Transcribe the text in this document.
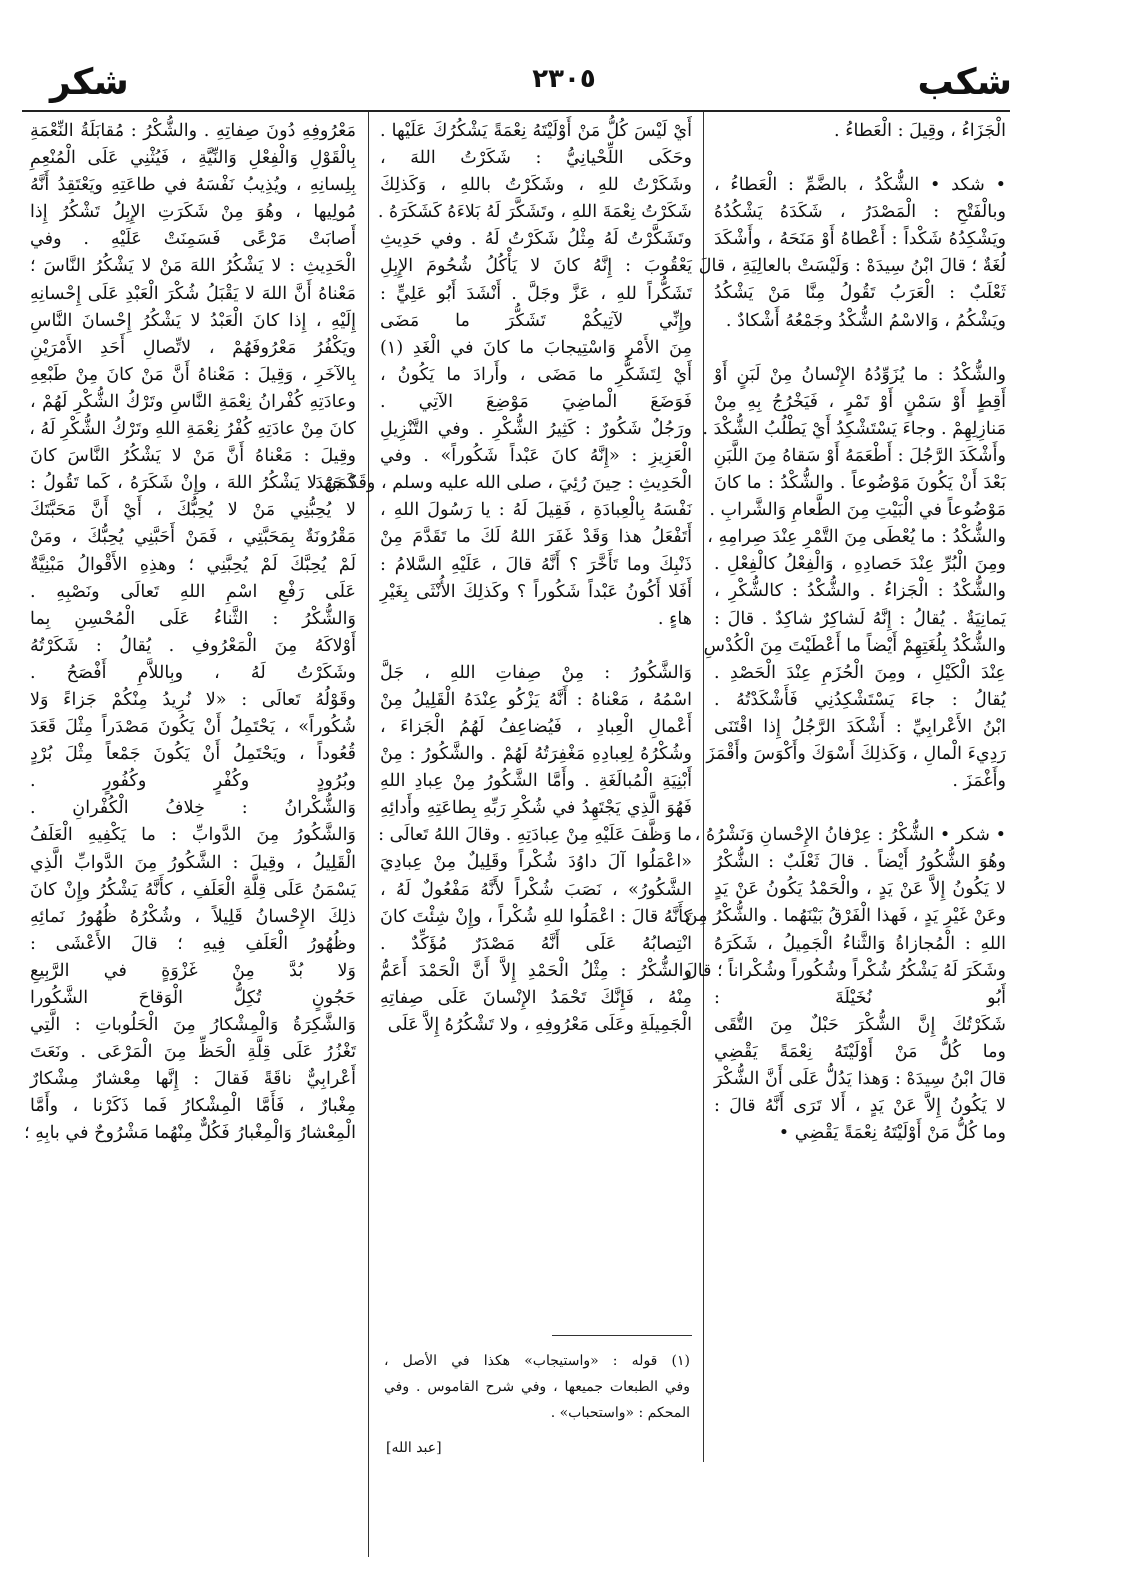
شكب
٢٣٠٥
شكر
الْجَزَاءُ ، وقِيلَ : الْعَطاءُ .
• شكد • الشُّكْدُ ، بالضَّمِّ : الْعَطاءُ ،
وبالْفَتْحِ : الْمَصْدَرُ ، شَكَدَهُ يَشْكُدُهُ
ويَشْكِدُهُ شَكْداً : أَعْطاهُ أَوْ مَنَحَهُ ، وأَشْكَدَ
لُغَةٌ ؛ قالَ ابْنُ سِيدَهْ : وَلَيْسَتْ بالعالِيَةِ ، قالَ
ثَعْلَبٌ : الْعَرَبُ تَقُولُ مِنَّا مَنْ يَشْكُدُ
ويَشْكُمُ ، وَالاسْمُ الشُّكْدُ وجَمْعُهُ أَشْكادٌ .
والشُّكْدُ : ما يُزَوِّدُهُ الإِنْسانُ مِنْ لَبَنٍ أَوْ
أَقِطٍ أَوْ سَمْنٍ أَوْ تَمْرٍ ، فَيَخْرُجُ بِهِ مِنْ
مَنازِلِهِمْ . وجاءَ يَسْتَشْكِدُ أَيْ يَطْلُبُ الشُّكْدَ .
وأَشْكَدَ الرَّجُلَ : أَطْعَمَهُ أَوْ سَقاهُ مِنَ اللَّبَنِ
بَعْدَ أَنْ يَكُونَ مَوْضُوعاً . والشُّكْدُ : ما كانَ
مَوْضُوعاً في الْبَيْتِ مِنَ الطَّعامِ وَالشَّرابِ .
والشُّكْدُ : ما يُعْطَى مِنَ التَّمْرِ عِنْدَ صِرامِهِ ،
ومِنَ الْبُرِّ عِنْدَ حَصادِهِ ، وَالْفِعْلُ كالْفِعْلِ .
والشُّكْدُ : الْجَزاءُ . والشُّكْدُ : كالشُّكْرِ ،
يَمانِيَةٌ . يُقالُ : إِنَّهُ لَشاكِرٌ شاكِدٌ . قالَ :
والشُّكْدُ بِلُغَتِهِمْ أَيْضاً ما أَعْطَيْتَ مِنَ الْكُدْسِ
عِنْدَ الْكَيْلِ ، ومِنَ الْحُزَمِ عِنْدَ الْحَصْدِ .
يُقالُ : جاءَ يَسْتَشْكِدُنِي فَأَشْكَدْتُهُ .
ابْنُ الأَعْرابِيِّ : أَشْكَدَ الرَّجُلُ إِذا اقْتَنَى
رَدِيءَ الْمالِ ، وَكَذلِكَ أَسْوَكَ وأَكْوَسَ وأَقْمَزَ
وأَغْمَزَ .
• شكر • الشُّكْرُ : عِرْفانُ الإِحْسانِ وَنَشْرُهُ ،
وهُوَ الشُّكُورُ أَيْضاً . قالَ ثَعْلَبٌ : الشُّكْرُ
لا يَكُونُ إِلاَّ عَنْ يَدٍ ، والْحَمْدُ يَكُونُ عَنْ يَدٍ
وعَنْ غَيْرِ يَدٍ ، فَهذا الْفَرْقُ بَيْنَهُما . والشُّكْرُ مِنَ
اللهِ : الْمُجازاةُ وَالثَّناءُ الْجَمِيلُ ، شَكَرَهُ
وشَكَرَ لَهُ يَشْكُرُ شُكْراً وشُكُوراً وشُكْراناً ؛ قالَ
أَبُو نُخَيْلَةَ :
شَكَرْتُكَ إِنَّ الشُّكْرَ حَبْلٌ مِنَ التُّقَى
وما كُلُّ مَنْ أَوْلَيْتَهُ نِعْمَةً يَقْضِي
قالَ ابْنُ سِيدَهْ : وَهذا يَدُلُّ عَلَى أَنَّ الشُّكْرَ
لا يَكُونُ إِلاَّ عَنْ يَدٍ ، أَلا تَرَى أَنَّهُ قالَ :
وما كُلُّ مَنْ أَوْلَيْتَهُ نِعْمَةً يَقْضِي •
أَيْ لَيْسَ كُلُّ مَنْ أَوْلَيْتَهُ نِعْمَةً يَشْكُرُكَ عَلَيْها .
وحَكَى اللِّحْيانِيُّ : شَكَرْتُ اللهَ ،
وشَكَرْتُ للهِ ، وشَكَرْتُ باللهِ ، وَكَذلِكَ
شَكَرْتُ نِعْمَةَ اللهِ ، وتَشَكَّرَ لَهُ بَلاءَهُ كَشَكَرَهُ .
وتَشَكَّرْتُ لَهُ مِثْلُ شَكَرْتُ لَهُ . وفي حَدِيثِ
يَعْقُوبَ : إِنَّهُ كانَ لا يَأْكُلُ شُحُومَ الإِبِلِ
تَشَكُّراً للهِ ، عَزَّ وجَلَّ . أَنْشَدَ أَبُو عَلِيٍّ :
وإِنِّي لآتِيكُمْ تَشَكُّرَ ما مَضَى
مِنَ الأَمْرِ وَاسْتِيجابَ ما كانَ في الْغَدِ (١)
أَيْ لِتَشَكُّرِ ما مَضَى ، وأَرادَ ما يَكُونُ ،
فَوَضَعَ الْماضِيَ مَوْضِعَ الآتِي .
ورَجُلٌ شَكُورٌ : كَثِيرُ الشُّكْرِ . وفي التَّنْزِيلِ
الْعَزِيزِ : «إِنَّهُ كانَ عَبْداً شَكُوراً» . وفي
الْحَدِيثِ : حِينَ رُئِيَ ، صلى الله عليه وسلم ، وقَدْ جَهَدَ
نَفْسَهُ بِالْعِبادَةِ ، فَقِيلَ لَهُ : يا رَسُولَ اللهِ ،
أَتَفْعَلُ هذا وَقَدْ غَفَرَ اللهُ لَكَ ما تَقَدَّمَ مِنْ
ذَنْبِكَ وما تَأَخَّرَ ؟ أَنَّهُ قالَ ، عَلَيْهِ السَّلامُ :
أَفَلا أَكُونُ عَبْداً شَكُوراً ؟ وكَذلِكَ الأُنْثَى بِغَيْرِ
هاءٍ .
وَالشَّكُورُ : مِنْ صِفاتِ اللهِ ، جَلَّ
اسْمُهُ ، مَعْناهُ : أَنَّهُ يَزْكُو عِنْدَهُ الْقَلِيلُ مِنْ
أَعْمالِ الْعِبادِ ، فَيُضاعِفُ لَهُمُ الْجَزاءَ ،
وشُكْرُهُ لِعِبادِهِ مَغْفِرَتُهُ لَهُمْ . والشَّكُورُ : مِنْ
أَبْنِيَةِ الْمُبالَغَةِ . وأَمَّا الشَّكُورُ مِنْ عِبادِ اللهِ
فَهُوَ الَّذِي يَجْتَهِدُ في شُكْرِ رَبِّهِ بِطاعَتِهِ وأَدائِهِ
ما وَظَّفَ عَلَيْهِ مِنْ عِبادَتِهِ . وقالَ اللهُ تَعالَى :
«اعْمَلُوا آلَ داوُدَ شُكْراً وقَلِيلٌ مِنْ عِبادِيَ
الشَّكُورُ» ، نَصَبَ شُكْراً لأَنَّهُ مَفْعُولٌ لَهُ ،
كأَنَّهُ قالَ : اعْمَلُوا للهِ شُكْراً ، وإِنْ شِئْتَ كانَ
انْتِصابُهُ عَلَى أَنَّهُ مَصْدَرٌ مُؤَكِّدٌ .
والشُّكْرُ : مِثْلُ الْحَمْدِ إِلاَّ أَنَّ الْحَمْدَ أَعَمُّ
مِنْهُ ، فَإِنَّكَ تَحْمَدُ الإِنْسانَ عَلَى صِفاتِهِ
الْجَمِيلَةِ وعَلَى مَعْرُوفِهِ ، ولا تَشْكُرُهُ إِلاَّ عَلَى
مَعْرُوفِهِ دُونَ صِفاتِهِ . والشُّكْرُ : مُقابَلَةُ النِّعْمَةِ
بِالْقَوْلِ وَالْفِعْلِ وَالنِّيَّةِ ، فَيُثْنِي عَلَى الْمُنْعِمِ
بِلِسانِهِ ، ويُذِيبُ نَفْسَهُ في طاعَتِهِ ويَعْتَقِدُ أَنَّهُ
مُولِيها ، وهُوَ مِنْ شَكَرَتِ الإِبِلُ تَشْكُرُ إِذا
أَصابَتْ مَرْعًى فَسَمِنَتْ عَلَيْهِ . وفي
الْحَدِيثِ : لا يَشْكُرُ اللهَ مَنْ لا يَشْكُرُ النَّاسَ ؛
مَعْناهُ أَنَّ اللهَ لا يَقْبَلُ شُكْرَ الْعَبْدِ عَلَى إِحْسانِهِ
إِلَيْهِ ، إِذا كانَ الْعَبْدُ لا يَشْكُرُ إِحْسانَ النَّاسِ
ويَكْفُرُ مَعْرُوفَهُمْ ، لاتِّصالِ أَحَدِ الأَمْرَيْنِ
بِالآخَرِ ، وَقِيلَ : مَعْناهُ أَنَّ مَنْ كانَ مِنْ طَبْعِهِ
وعادَتِهِ كُفْرانُ نِعْمَةِ النَّاسِ وتَرْكُ الشُّكْرِ لَهُمْ ،
كانَ مِنْ عادَتِهِ كُفْرُ نِعْمَةِ اللهِ وتَرْكُ الشُّكْرِ لَهُ ،
وقِيلَ : مَعْناهُ أَنَّ مَنْ لا يَشْكُرُ النَّاسَ كانَ
كَمَنْ لا يَشْكُرُ اللهَ ، وإِنْ شَكَرَهُ ، كَما تَقُولُ :
لا يُحِبُّنِي مَنْ لا يُحِبُّكَ ، أَيْ أَنَّ مَحَبَّتَكَ
مَقْرُونَةٌ بِمَحَبَّتِي ، فَمَنْ أَحَبَّنِي يُحِبُّكَ ، ومَنْ
لَمْ يُحِبَّكَ لَمْ يُحِبَّنِي ؛ وهذِهِ الأَقْوالُ مَبْنِيَّةٌ
عَلَى رَفْعِ اسْمِ اللهِ تَعالَى ونَصْبِهِ .
وَالشُّكْرُ : الثَّناءُ عَلَى الْمُحْسِنِ بِما
أَوْلاكَهُ مِنَ الْمَعْرُوفِ . يُقالُ : شَكَرْتُهُ
وشَكَرْتُ لَهُ ، وبِاللاَّمِ أَفْصَحُ .
وقَوْلُهُ تَعالَى : «لا نُرِيدُ مِنْكُمْ جَزاءً وَلا
شُكُوراً» ، يَحْتَمِلُ أَنْ يَكُونَ مَصْدَراً مِثْلَ قَعَدَ
قُعُوداً ، ويَحْتَمِلُ أَنْ يَكُونَ جَمْعاً مِثْلَ بُرْدٍ
وبُرُودٍ وكُفْرٍ وكُفُورٍ .
وَالشُّكْرانُ : خِلافُ الْكُفْرانِ .
وَالشَّكُورُ مِنَ الدَّوابِّ : ما يَكْفِيهِ الْعَلَفُ
الْقَلِيلُ ، وقِيلَ : الشَّكُورُ مِنَ الدَّوابِّ الَّذِي
يَسْمَنُ عَلَى قِلَّةِ الْعَلَفِ ، كأَنَّهُ يَشْكُرُ وإِنْ كانَ
ذلِكَ الإِحْسانُ قَلِيلاً ، وشُكْرُهُ ظُهُورُ نَمائِهِ
وظُهُورُ الْعَلَفِ فِيهِ ؛ قالَ الأَعْشَى :
وَلا بُدَّ مِنْ غَزْوَةٍ في الرَّبِيعِ
حَجُونٍ تُكِلُّ الْوَقاحَ الشَّكُورا
وَالشَّكِرَةُ وَالْمِشْكارُ مِنَ الْحَلُوباتِ : الَّتِي
تَغْزُرُ عَلَى قِلَّةِ الْحَظِّ مِنَ الْمَرْعَى . ونَعَتَ
أَعْرابِيٌّ ناقَةً فَقالَ : إِنَّها مِعْشارٌ مِشْكارٌ
مِغْبارٌ ، فَأَمَّا الْمِشْكارُ فَما ذَكَرْنا ، وأَمَّا
الْمِعْشارُ وَالْمِغْبارُ فَكُلٌّ مِنْهُما مَشْرُوحٌ في بابِهِ ؛
(١) قوله : «واستيجاب» هكذا في الأصل ،
وفي الطبعات جميعها ، وفي شرح القاموس . وفي
المحكم : «واستحباب» .
[عبد الله]
